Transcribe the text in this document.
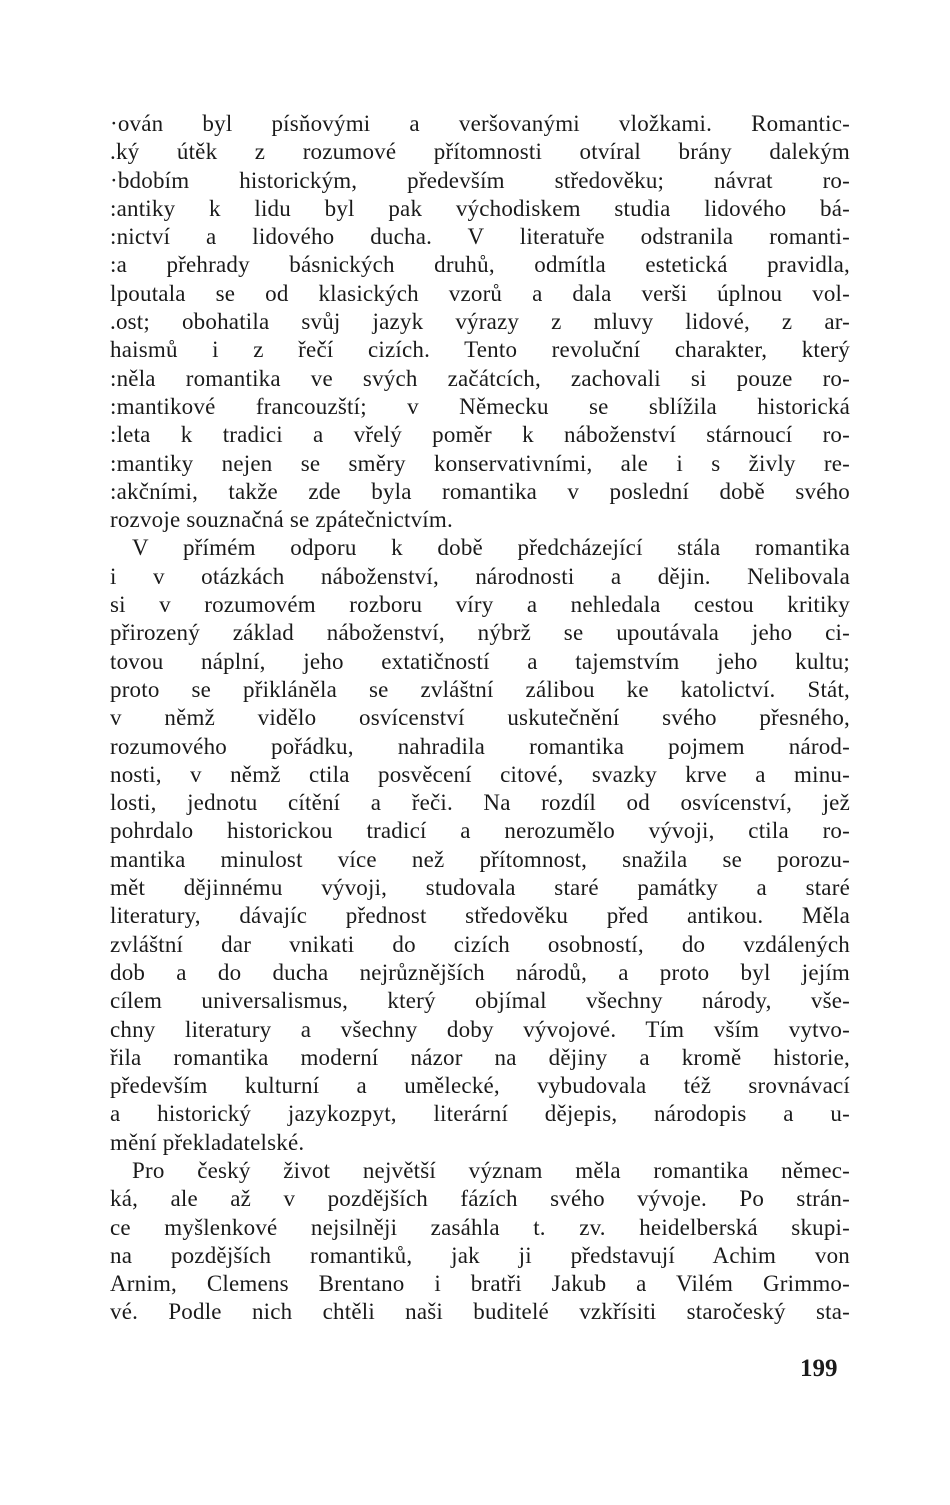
·ován byl písňovými a veršovanými vložkami. Romantic-
.ký útěk z rozumové přítomnosti otvíral brány dalekým
·bdobím historickým, především středověku; návrat ro-
:antiky k lidu byl pak východiskem studia lidového bá-
:nictví a lidového ducha. V literatuře odstranila romanti-
:a přehrady básnických druhů, odmítla estetická pravidla,
lpoutala se od klasických vzorů a dala verši úplnou vol-
.ost; obohatila svůj jazyk výrazy z mluvy lidové, z ar-
haismů i z řečí cizích. Tento revoluční charakter, který
:něla romantika ve svých začátcích, zachovali si pouze ro-
:mantikové francouzští; v Německu se sblížila historická
:leta k tradici a vřelý poměr k náboženství stárnoucí ro-
:mantiky nejen se směry konservativními, ale i s živly re-
:akčními, takže zde byla romantika v poslední době svého
rozvoje souznačná se zpátečnictvím.
V přímém odporu k době předcházející stála romantika
i v otázkách náboženství, národnosti a dějin. Nelibovala
si v rozumovém rozboru víry a nehledala cestou kritiky
přirozený základ náboženství, nýbrž se upoutávala jeho ci-
tovou náplní, jeho extatičností a tajemstvím jeho kultu;
proto se přikláněla se zvláštní zálibou ke katolictví. Stát,
v němž vidělo osvícenství uskutečnění svého přesného,
rozumového pořádku, nahradila romantika pojmem národ-
nosti, v němž ctila posvěcení citové, svazky krve a minu-
losti, jednotu cítění a řeči. Na rozdíl od osvícenství, jež
pohrdalo historickou tradicí a nerozumělo vývoji, ctila ro-
mantika minulost více než přítomnost, snažila se porozu-
mět dějinnému vývoji, studovala staré památky a staré
literatury, dávajíc přednost středověku před antikou. Měla
zvláštní dar vnikati do cizích osobností, do vzdálených
dob a do ducha nejrůznějších národů, a proto byl jejím
cílem universalismus, který objímal všechny národy, vše-
chny literatury a všechny doby vývojové. Tím vším vytvo-
řila romantika moderní názor na dějiny a kromě historie,
především kulturní a umělecké, vybudovala též srovnávací
a historický jazykozpyt, literární dějepis, národopis a u-
mění překladatelské.
Pro český život největší význam měla romantika němec-
ká, ale až v pozdějších fázích svého vývoje. Po strán-
ce myšlenkové nejsilněji zasáhla t. zv. heidelberská skupi-
na pozdějších romantiků, jak ji představují Achim von
Arnim, Clemens Brentano i bratři Jakub a Vilém Grimmo-
vé. Podle nich chtěli naši buditelé vzkřísiti staročeský sta-
199
